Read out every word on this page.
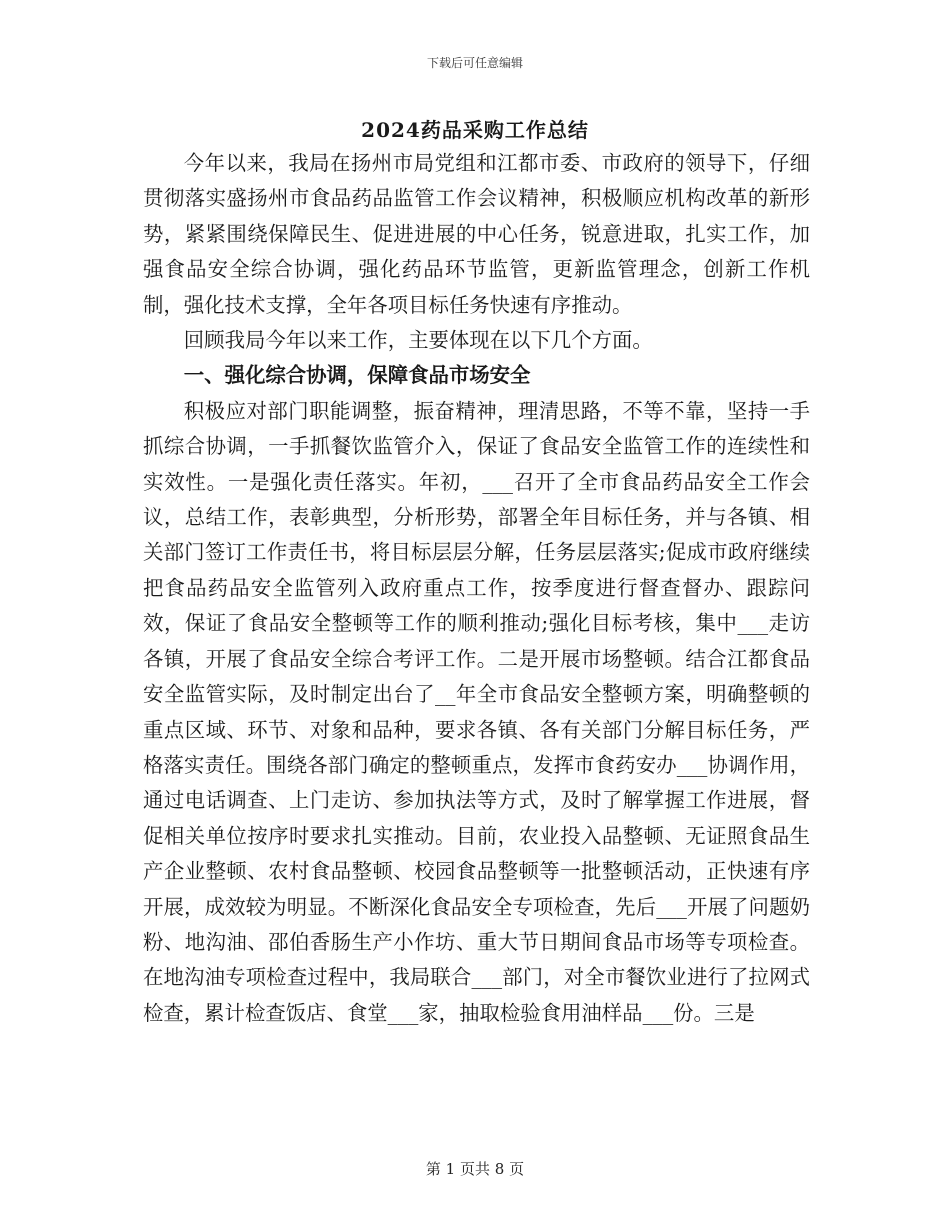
下载后可任意编辑
2024药品采购工作总结

今年以来，我局在扬州市局党组和江都市委、市政府的领导下，仔细贯彻落实盛扬州市食品药品监管工作会议精神，积极顺应机构改革的新形势，紧紧围绕保障民生、促进进展的中心任务，锐意进取，扎实工作，加强食品安全综合协调，强化药品环节监管，更新监管理念，创新工作机制，强化技术支撑，全年各项目标任务快速有序推动。

回顾我局今年以来工作，主要体现在以下几个方面。

一、强化综合协调，保障食品市场安全

积极应对部门职能调整，振奋精神，理清思路，不等不靠，坚持一手抓综合协调，一手抓餐饮监管介入，保证了食品安全监管工作的连续性和实效性。一是强化责任落实。年初，___召开了全市食品药品安全工作会议，总结工作，表彰典型，分析形势，部署全年目标任务，并与各镇、相关部门签订工作责任书，将目标层层分解，任务层层落实;促成市政府继续把食品药品安全监管列入政府重点工作，按季度进行督查督办、跟踪问效，保证了食品安全整顿等工作的顺利推动;强化目标考核，集中___走访各镇，开展了食品安全综合考评工作。二是开展市场整顿。结合江都食品安全监管实际，及时制定出台了__年全市食品安全整顿方案，明确整顿的重点区域、环节、对象和品种，要求各镇、各有关部门分解目标任务，严格落实责任。围绕各部门确定的整顿重点，发挥市食药安办___协调作用，通过电话调查、上门走访、参加执法等方式，及时了解掌握工作进展，督促相关单位按序时要求扎实推动。目前，农业投入品整顿、无证照食品生产企业整顿、农村食品整顿、校园食品整顿等一批整顿活动，正快速有序开展，成效较为明显。不断深化食品安全专项检查，先后___开展了问题奶粉、地沟油、邵伯香肠生产小作坊、重大节日期间食品市场等专项检查。在地沟油专项检查过程中，我局联合___部门，对全市餐饮业进行了拉网式检查，累计检查饭店、食堂___家，抽取检验食用油样品___份。三是

第 1 页共 8 页
